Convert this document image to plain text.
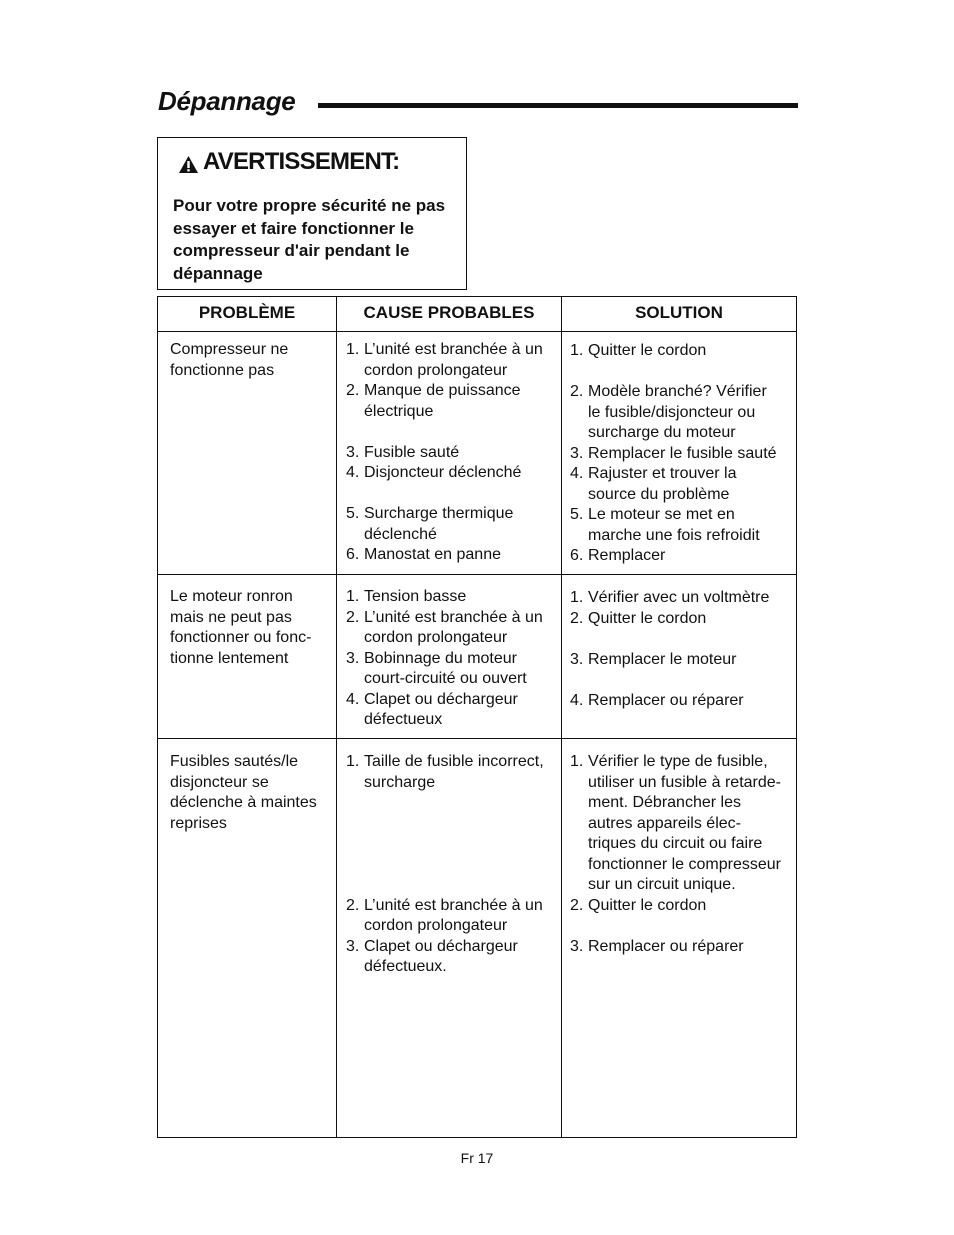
Dépannage
AVERTISSEMENT:
Pour votre propre sécurité ne pas essayer et faire fonctionner le compresseur d'air pendant le dépannage
PROBLÈME	CAUSE PROBABLES	SOLUTION
Compresseur ne
fonctionne pas
1. L’unité est branchée à un
cordon prolongateur
2. Manque de puissance
électrique
3. Fusible sauté
4. Disjoncteur déclenché
5. Surcharge thermique
déclenché
6. Manostat en panne
1. Quitter le cordon
2. Modèle branché? Vérifier
le fusible/disjoncteur ou
surcharge du moteur
3. Remplacer le fusible sauté
4. Rajuster et trouver la
source du problème
5. Le moteur se met en
marche une fois refroidit
6. Remplacer
Le moteur ronron
mais ne peut pas
fonctionner ou fonc-
tionne lentement
1. Tension basse
2. L’unité est branchée à un
cordon prolongateur
3. Bobinnage du moteur
court-circuité ou ouvert
4. Clapet ou déchargeur
défectueux
1. Vérifier avec un voltmètre
2. Quitter le cordon
3. Remplacer le moteur
4. Remplacer ou réparer
Fusibles sautés/le
disjoncteur se
déclenche à maintes
reprises
1. Taille de fusible incorrect,
surcharge
2. L’unité est branchée à un
cordon prolongateur
3. Clapet ou déchargeur
défectueux.
1. Vérifier le type de fusible,
utiliser un fusible à retarde-
ment. Débrancher les
autres appareils élec-
triques du circuit ou faire
fonctionner le compresseur
sur un circuit unique.
2. Quitter le cordon
3. Remplacer ou réparer
Fr 17
